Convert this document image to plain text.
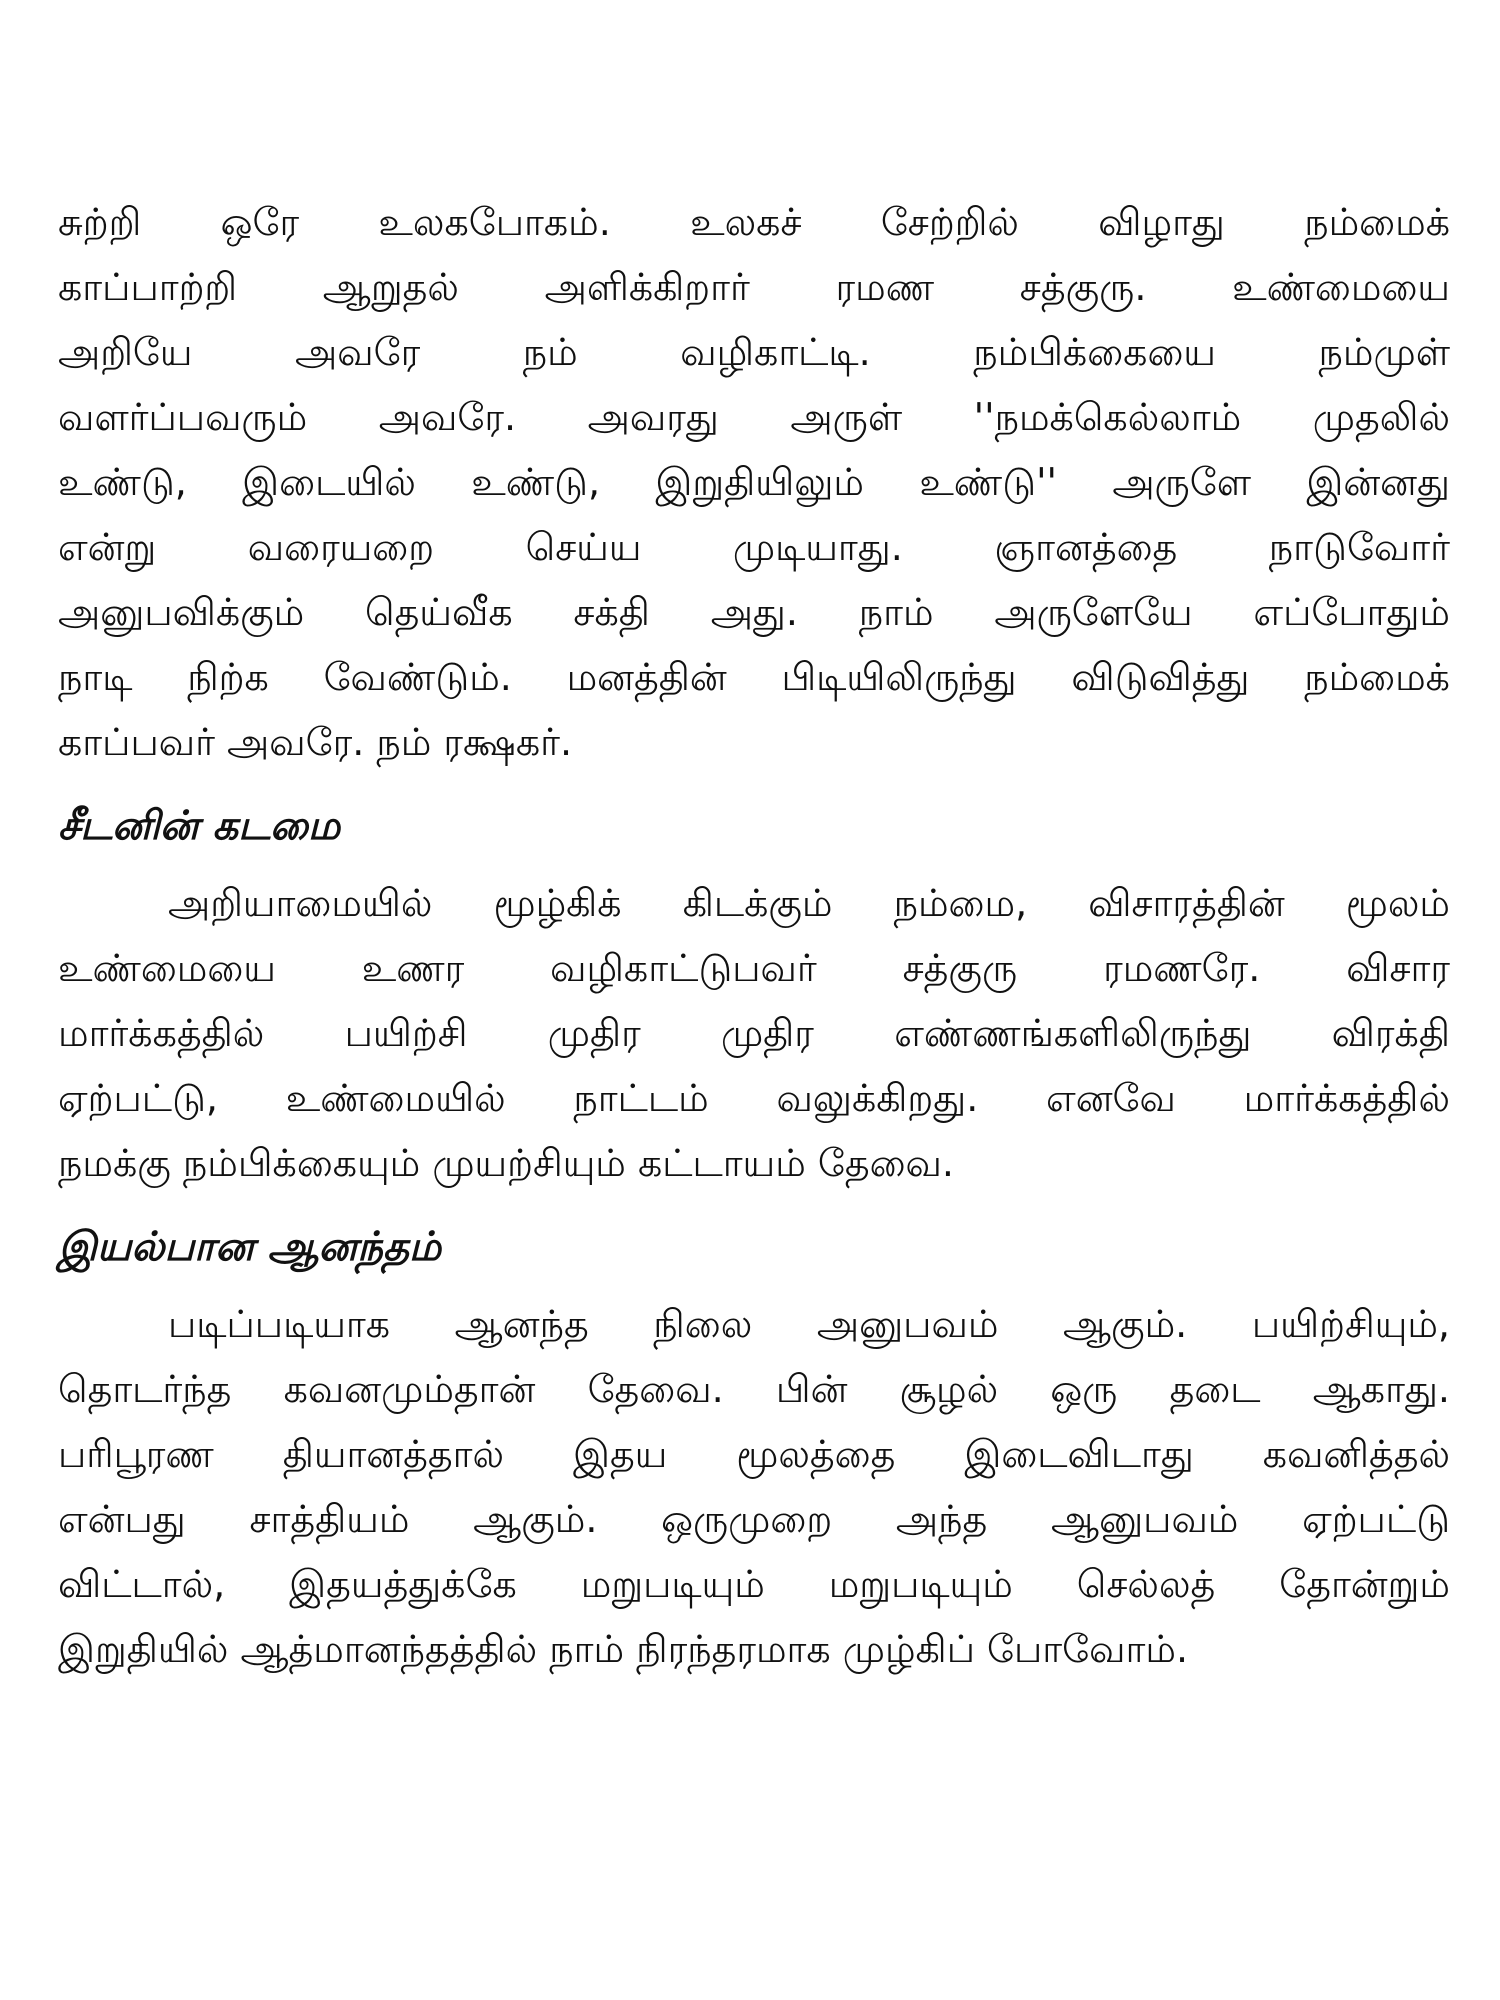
சுற்றி ஒரே உலகபோகம். உலகச் சேற்றில் விழாது நம்மைக்
காப்பாற்றி ஆறுதல் அளிக்கிறார் ரமண சத்குரு. உண்மையை
அறியே அவரே நம் வழிகாட்டி. நம்பிக்கையை நம்முள்
வளர்ப்பவரும் அவரே. அவரது அருள் ''நமக்கெல்லாம் முதலில்
உண்டு, இடையில் உண்டு, இறுதியிலும் உண்டு'' அருளே இன்னது
என்று வரையறை செய்ய முடியாது. ஞானத்தை நாடுவோர்
அனுபவிக்கும் தெய்வீக சக்தி அது. நாம் அருளேயே எப்போதும்
நாடி நிற்க வேண்டும். மனத்தின் பிடியிலிருந்து விடுவித்து நம்மைக்
காப்பவர் அவரே. நம் ரக்ஷகர்.
சீடனின் கடமை
அறியாமையில் மூழ்கிக் கிடக்கும் நம்மை, விசாரத்தின் மூலம்
உண்மையை உணர வழிகாட்டுபவர் சத்குரு ரமணரே. விசார
மார்க்கத்தில் பயிற்சி முதிர முதிர எண்ணங்களிலிருந்து விரக்தி
ஏற்பட்டு, உண்மையில் நாட்டம் வலுக்கிறது. எனவே மார்க்கத்தில்
நமக்கு நம்பிக்கையும் முயற்சியும் கட்டாயம் தேவை.
இயல்பான ஆனந்தம்
படிப்படியாக ஆனந்த நிலை அனுபவம் ஆகும். பயிற்சியும்,
தொடர்ந்த கவனமும்தான் தேவை. பின் சூழல் ஒரு தடை ஆகாது.
பரிபூரண தியானத்தால் இதய மூலத்தை இடைவிடாது கவனித்தல்
என்பது சாத்தியம் ஆகும். ஒருமுறை அந்த ஆனுபவம் ஏற்பட்டு
விட்டால், இதயத்துக்கே மறுபடியும் மறுபடியும் செல்லத் தோன்றும்
இறுதியில் ஆத்மானந்தத்தில் நாம் நிரந்தரமாக முழ்கிப் போவோம்.
